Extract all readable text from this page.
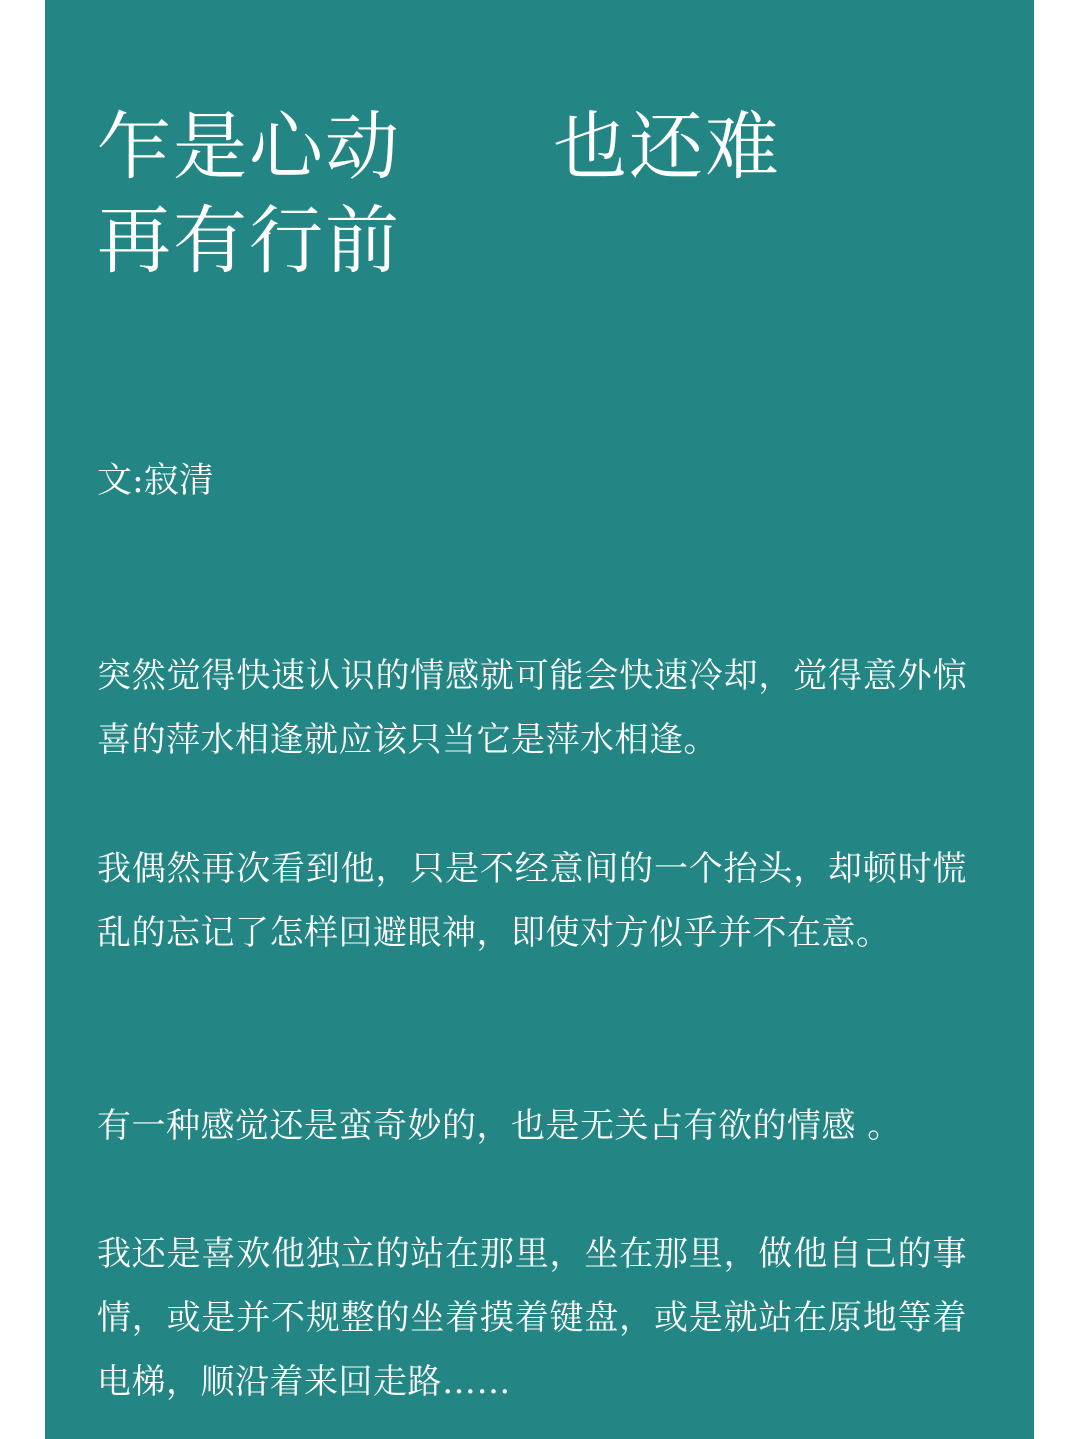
乍是心动　　也还难
再有行前

文:寂清

突然觉得快速认识的情感就可能会快速冷却，觉得意外惊喜的萍水相逢就应该只当它是萍水相逢。

我偶然再次看到他，只是不经意间的一个抬头，却顿时慌乱的忘记了怎样回避眼神，即使对方似乎并不在意。

有一种感觉还是蛮奇妙的，也是无关占有欲的情感 。

我还是喜欢他独立的站在那里，坐在那里，做他自己的事情，或是并不规整的坐着摸着键盘，或是就站在原地等着电梯，顺沿着来回走路……
